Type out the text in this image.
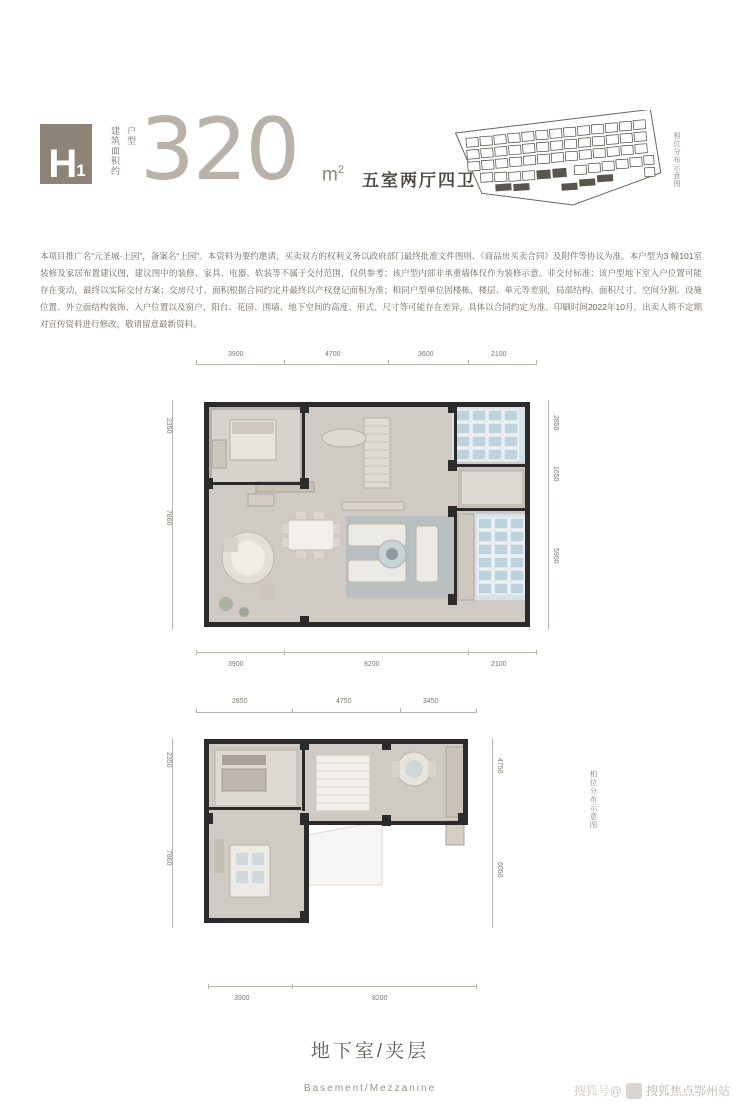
H 1	建筑面积约 户型 320 $m^2$
五室两厅四卫	相位分布示意图
本项目推广名“元圣城·上园”，备案名“上园”。本资料为要约邀请，买卖双方的权利义务以政府部门最终批准文件图则、《商品房买卖合同》及附件等协议为准。本户型为3 幢101室装修及家居布置建议图，建议图中的装修、家具、电器、软装等不属于交付范围，仅供参考；该户型内部非承重墙体仅作为装修示意。非交付标准；该户型地下室入户位置可能存在变动，最终以实际交付方案；交房尺寸、面积根据合同约定并最终以产权登记面积为准；相同户型单位因楼栋、楼层、单元等差别，局部结构、面积尺寸、空间分割、设施位置、外立面结构装饰、入户位置以及窗户、阳台、花园、围墙、地下空间的高度、形式、尺寸等可能存在差异，具体以合同约定为准。印刷时间2022年10月，出卖人将不定期对宣传资料进行修改，敬请留意最新资料。
3900	4700	3600	2100
3900	8200	2100
2350
7860
2850
1650
5900
2850	4750	3450
3900	8200
2350
7860
4750
6050
相位分布示意图
地下室/夹层
Basement/Mezzanine	搜狐号@ 搜狐焦点鄂州站
